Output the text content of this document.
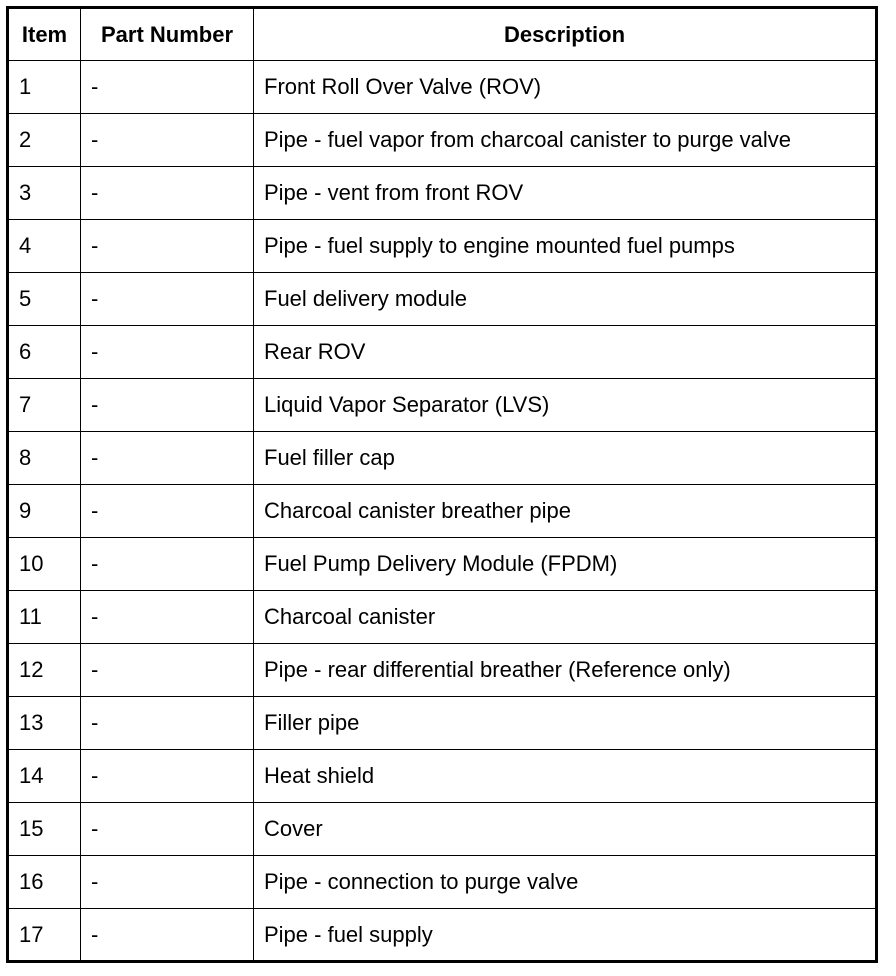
Item	Part Number	Description
1	-	Front Roll Over Valve (ROV)
2	-	Pipe - fuel vapor from charcoal canister to purge valve
3	-	Pipe - vent from front ROV
4	-	Pipe - fuel supply to engine mounted fuel pumps
5	-	Fuel delivery module
6	-	Rear ROV
7	-	Liquid Vapor Separator (LVS)
8	-	Fuel filler cap
9	-	Charcoal canister breather pipe
10	-	Fuel Pump Delivery Module (FPDM)
11	-	Charcoal canister
12	-	Pipe - rear differential breather (Reference only)
13	-	Filler pipe
14	-	Heat shield
15	-	Cover
16	-	Pipe - connection to purge valve
17	-	Pipe - fuel supply
